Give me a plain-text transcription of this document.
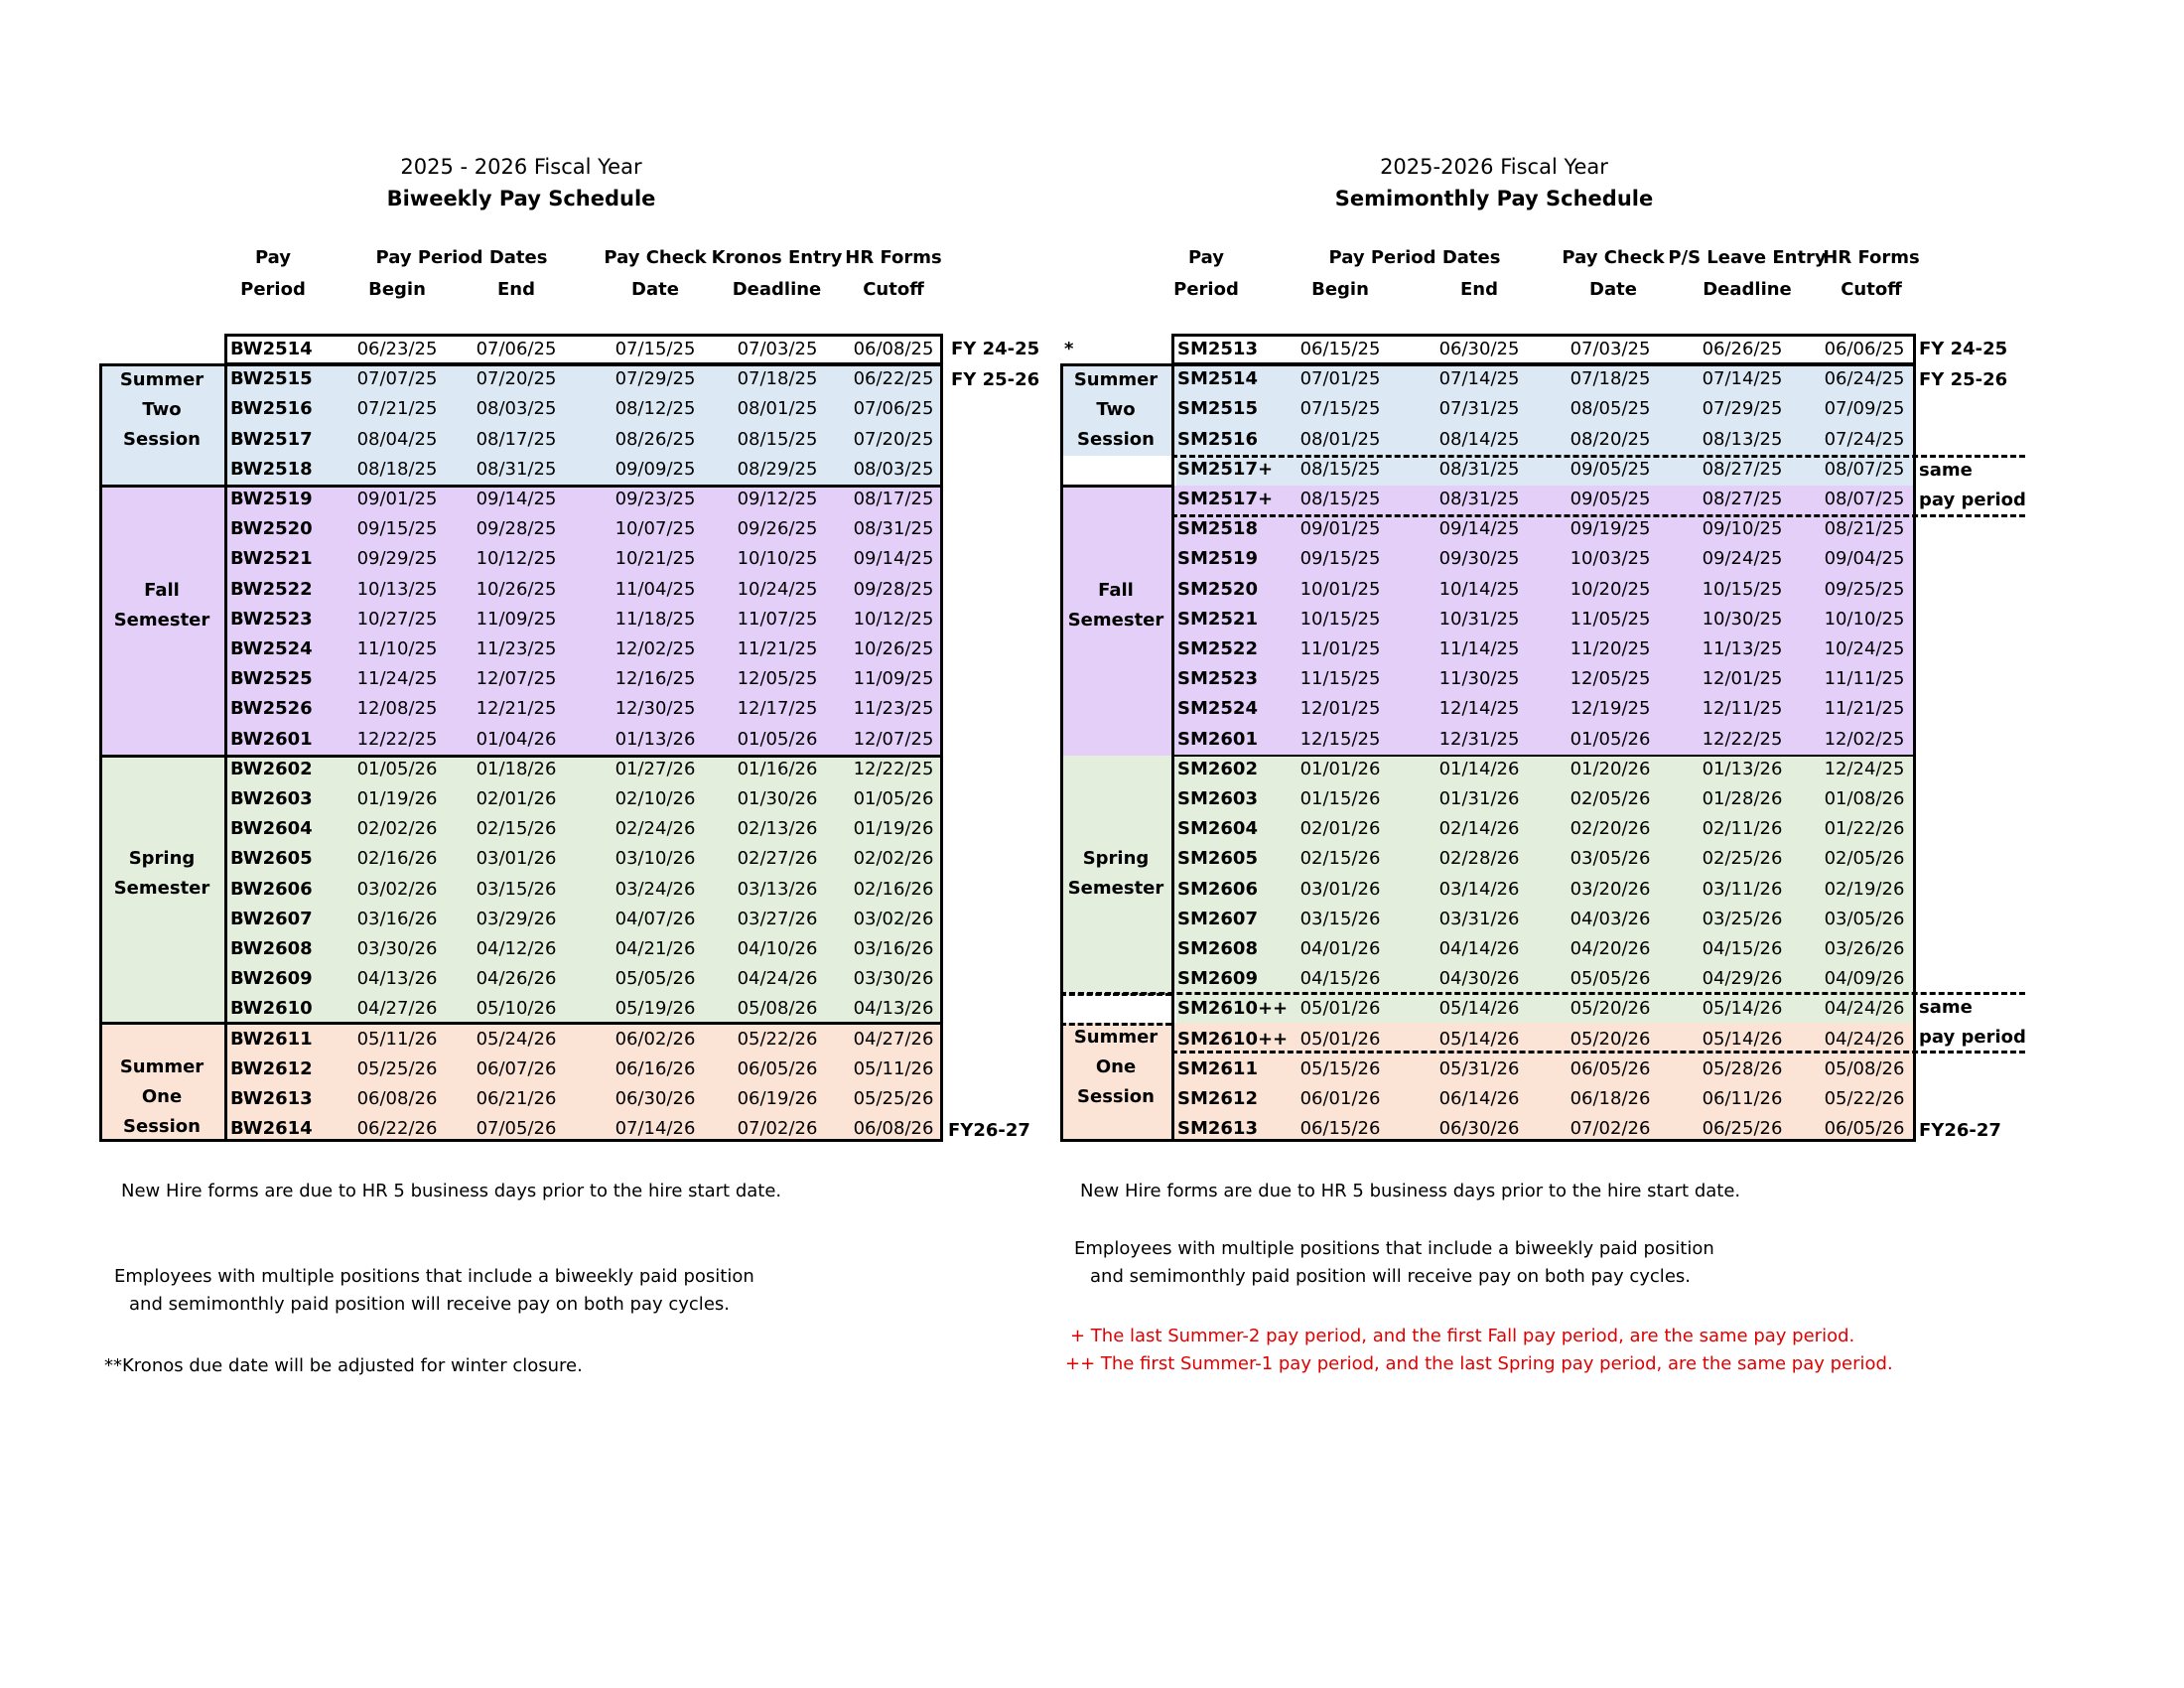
2025 - 2026 Fiscal Year
Biweekly Pay Schedule
Pay
Period
Pay Period Dates
Begin	End
Pay Check
Date
Kronos Entry
Deadline
HR Forms
Cutoff
Summer
Two
Session
Fall
Semester
Spring
Semester
Summer
One
Session
BW2514	06/23/25	07/06/25	07/15/25	07/03/25	06/08/25
BW2515	07/07/25	07/20/25	07/29/25	07/18/25	06/22/25
BW2516	07/21/25	08/03/25	08/12/25	08/01/25	07/06/25
BW2517	08/04/25	08/17/25	08/26/25	08/15/25	07/20/25
BW2518	08/18/25	08/31/25	09/09/25	08/29/25	08/03/25
BW2519	09/01/25	09/14/25	09/23/25	09/12/25	08/17/25
BW2520	09/15/25	09/28/25	10/07/25	09/26/25	08/31/25
BW2521	09/29/25	10/12/25	10/21/25	10/10/25	09/14/25
BW2522	10/13/25	10/26/25	11/04/25	10/24/25	09/28/25
BW2523	10/27/25	11/09/25	11/18/25	11/07/25	10/12/25
BW2524	11/10/25	11/23/25	12/02/25	11/21/25	10/26/25
BW2525	11/24/25	12/07/25	12/16/25	12/05/25	11/09/25
BW2526	12/08/25	12/21/25	12/30/25	12/17/25	11/23/25
BW2601	12/22/25	01/04/26	01/13/26	01/05/26	12/07/25
BW2602	01/05/26	01/18/26	01/27/26	01/16/26	12/22/25
BW2603	01/19/26	02/01/26	02/10/26	01/30/26	01/05/26
BW2604	02/02/26	02/15/26	02/24/26	02/13/26	01/19/26
BW2605	02/16/26	03/01/26	03/10/26	02/27/26	02/02/26
BW2606	03/02/26	03/15/26	03/24/26	03/13/26	02/16/26
BW2607	03/16/26	03/29/26	04/07/26	03/27/26	03/02/26
BW2608	03/30/26	04/12/26	04/21/26	04/10/26	03/16/26
BW2609	04/13/26	04/26/26	05/05/26	04/24/26	03/30/26
BW2610	04/27/26	05/10/26	05/19/26	05/08/26	04/13/26
BW2611	05/11/26	05/24/26	06/02/26	05/22/26	04/27/26
BW2612	05/25/26	06/07/26	06/16/26	06/05/26	05/11/26
BW2613	06/08/26	06/21/26	06/30/26	06/19/26	05/25/26
BW2614	06/22/26	07/05/26	07/14/26	07/02/26	06/08/26
FY 24-25
FY 25-26
FY26-27
New Hire forms are due to HR 5 business days prior to the hire start date.
Employees with multiple positions that include a biweekly paid position
and semimonthly paid position will receive pay on both pay cycles.
**Kronos due date will be adjusted for winter closure.
2025-2026 Fiscal Year
Semimonthly Pay Schedule
Pay
Period
Pay Period Dates
Begin	End
Pay Check
Date
P/S Leave Entry
Deadline
HR Forms
Cutoff
Summer
Two
Session
Fall
Semester
Spring
Semester
Summer
One
Session
SM2513	06/15/25	06/30/25	07/03/25	06/26/25	06/06/25
SM2514	07/01/25	07/14/25	07/18/25	07/14/25	06/24/25
SM2515	07/15/25	07/31/25	08/05/25	07/29/25	07/09/25
SM2516	08/01/25	08/14/25	08/20/25	08/13/25	07/24/25
SM2517+	08/15/25	08/31/25	09/05/25	08/27/25	08/07/25
SM2517+	08/15/25	08/31/25	09/05/25	08/27/25	08/07/25
SM2518	09/01/25	09/14/25	09/19/25	09/10/25	08/21/25
SM2519	09/15/25	09/30/25	10/03/25	09/24/25	09/04/25
SM2520	10/01/25	10/14/25	10/20/25	10/15/25	09/25/25
SM2521	10/15/25	10/31/25	11/05/25	10/30/25	10/10/25
SM2522	11/01/25	11/14/25	11/20/25	11/13/25	10/24/25
SM2523	11/15/25	11/30/25	12/05/25	12/01/25	11/11/25
SM2524	12/01/25	12/14/25	12/19/25	12/11/25	11/21/25
SM2601	12/15/25	12/31/25	01/05/26	12/22/25	12/02/25
SM2602	01/01/26	01/14/26	01/20/26	01/13/26	12/24/25
SM2603	01/15/26	01/31/26	02/05/26	01/28/26	01/08/26
SM2604	02/01/26	02/14/26	02/20/26	02/11/26	01/22/26
SM2605	02/15/26	02/28/26	03/05/26	02/25/26	02/05/26
SM2606	03/01/26	03/14/26	03/20/26	03/11/26	02/19/26
SM2607	03/15/26	03/31/26	04/03/26	03/25/26	03/05/26
SM2608	04/01/26	04/14/26	04/20/26	04/15/26	03/26/26
SM2609	04/15/26	04/30/26	05/05/26	04/29/26	04/09/26
SM2610++ 05/01/26	05/14/26	05/20/26	05/14/26	04/24/26
SM2610++ 05/01/26	05/14/26	05/20/26	05/14/26	04/24/26
SM2611	05/15/26	05/31/26	06/05/26	05/28/26	05/08/26
SM2612	06/01/26	06/14/26	06/18/26	06/11/26	05/22/26
SM2613	06/15/26	06/30/26	07/02/26	06/25/26	06/05/26
*	FY 24-25
FY 25-26
same
pay period
same
pay period
FY26-27
New Hire forms are due to HR 5 business days prior to the hire start date.
Employees with multiple positions that include a biweekly paid position
and semimonthly paid position will receive pay on both pay cycles.
+ The last Summer-2 pay period, and the first Fall pay period, are the same pay period.
++ The first Summer-1 pay period, and the last Spring pay period, are the same pay period.
